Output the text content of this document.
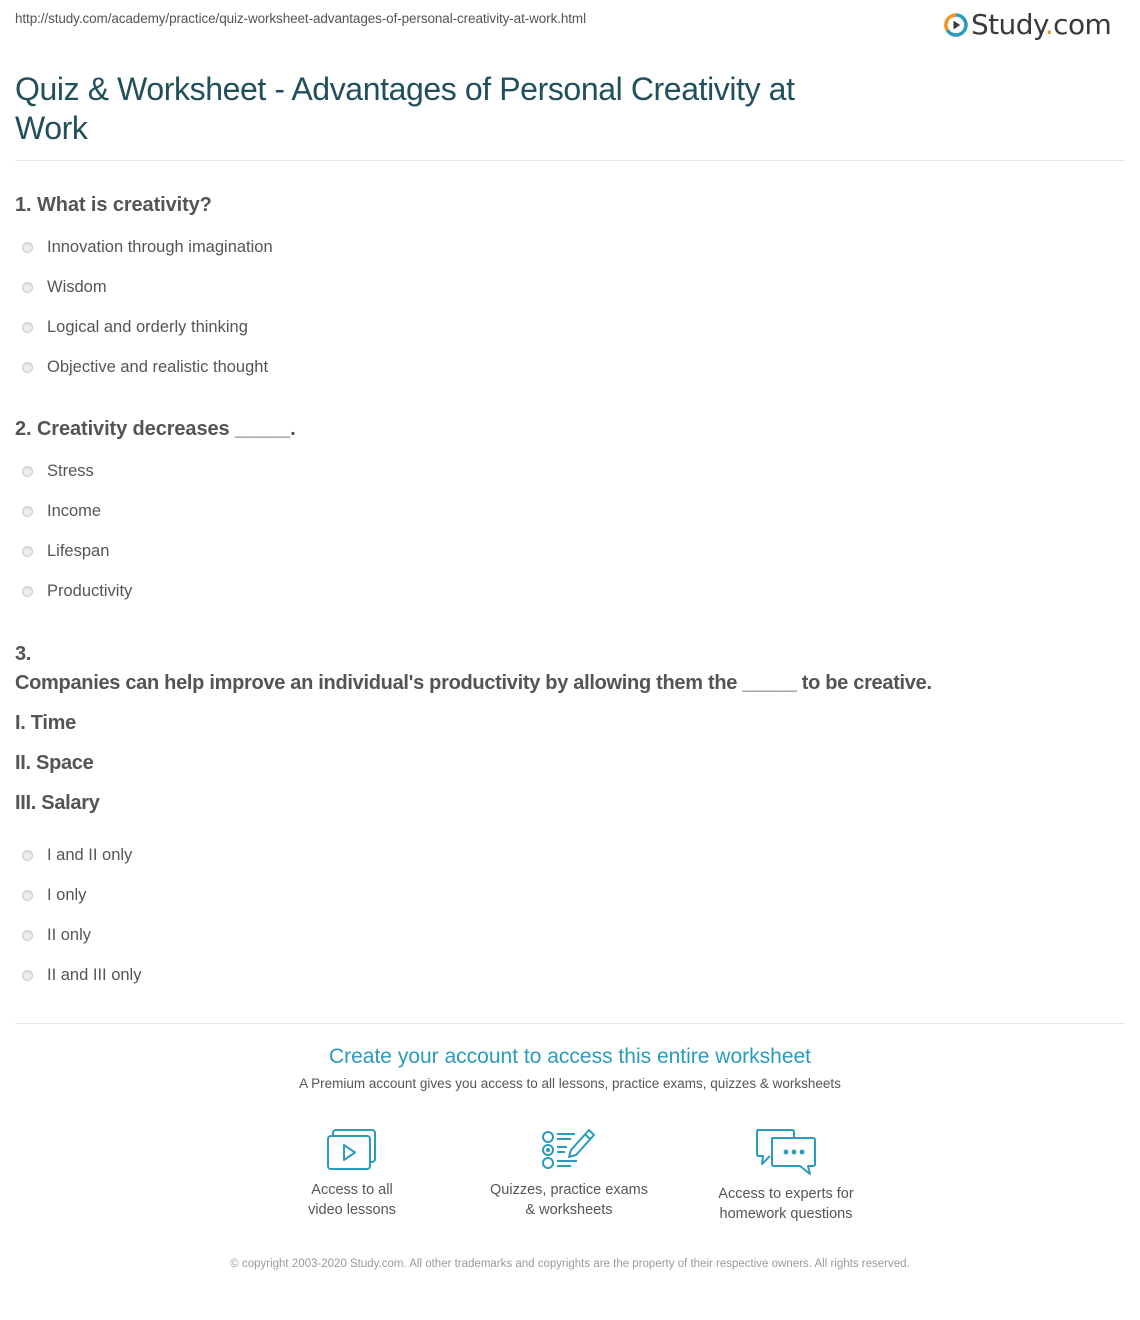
http://study.com/academy/practice/quiz-worksheet-advantages-of-personal-creativity-at-work.html	Study.com
Quiz & Worksheet - Advantages of Personal Creativity at Work
1. What is creativity?
Innovation through imagination
Wisdom
Logical and orderly thinking
Objective and realistic thought
2. Creativity decreases _____.
Stress
Income
Lifespan
Productivity
3.
Companies can help improve an individual's productivity by allowing them the _____ to be creative.
I. Time
II. Space
III. Salary
I and II only
I only
II only
II and III only
Create your account to access this entire worksheet
A Premium account gives you access to all lessons, practice exams, quizzes & worksheets
Access to all
video lessons
Quizzes, practice exams
& worksheets
Access to experts for
homework questions
© copyright 2003-2020 Study.com. All other trademarks and copyrights are the property of their respective owners. All rights reserved.
